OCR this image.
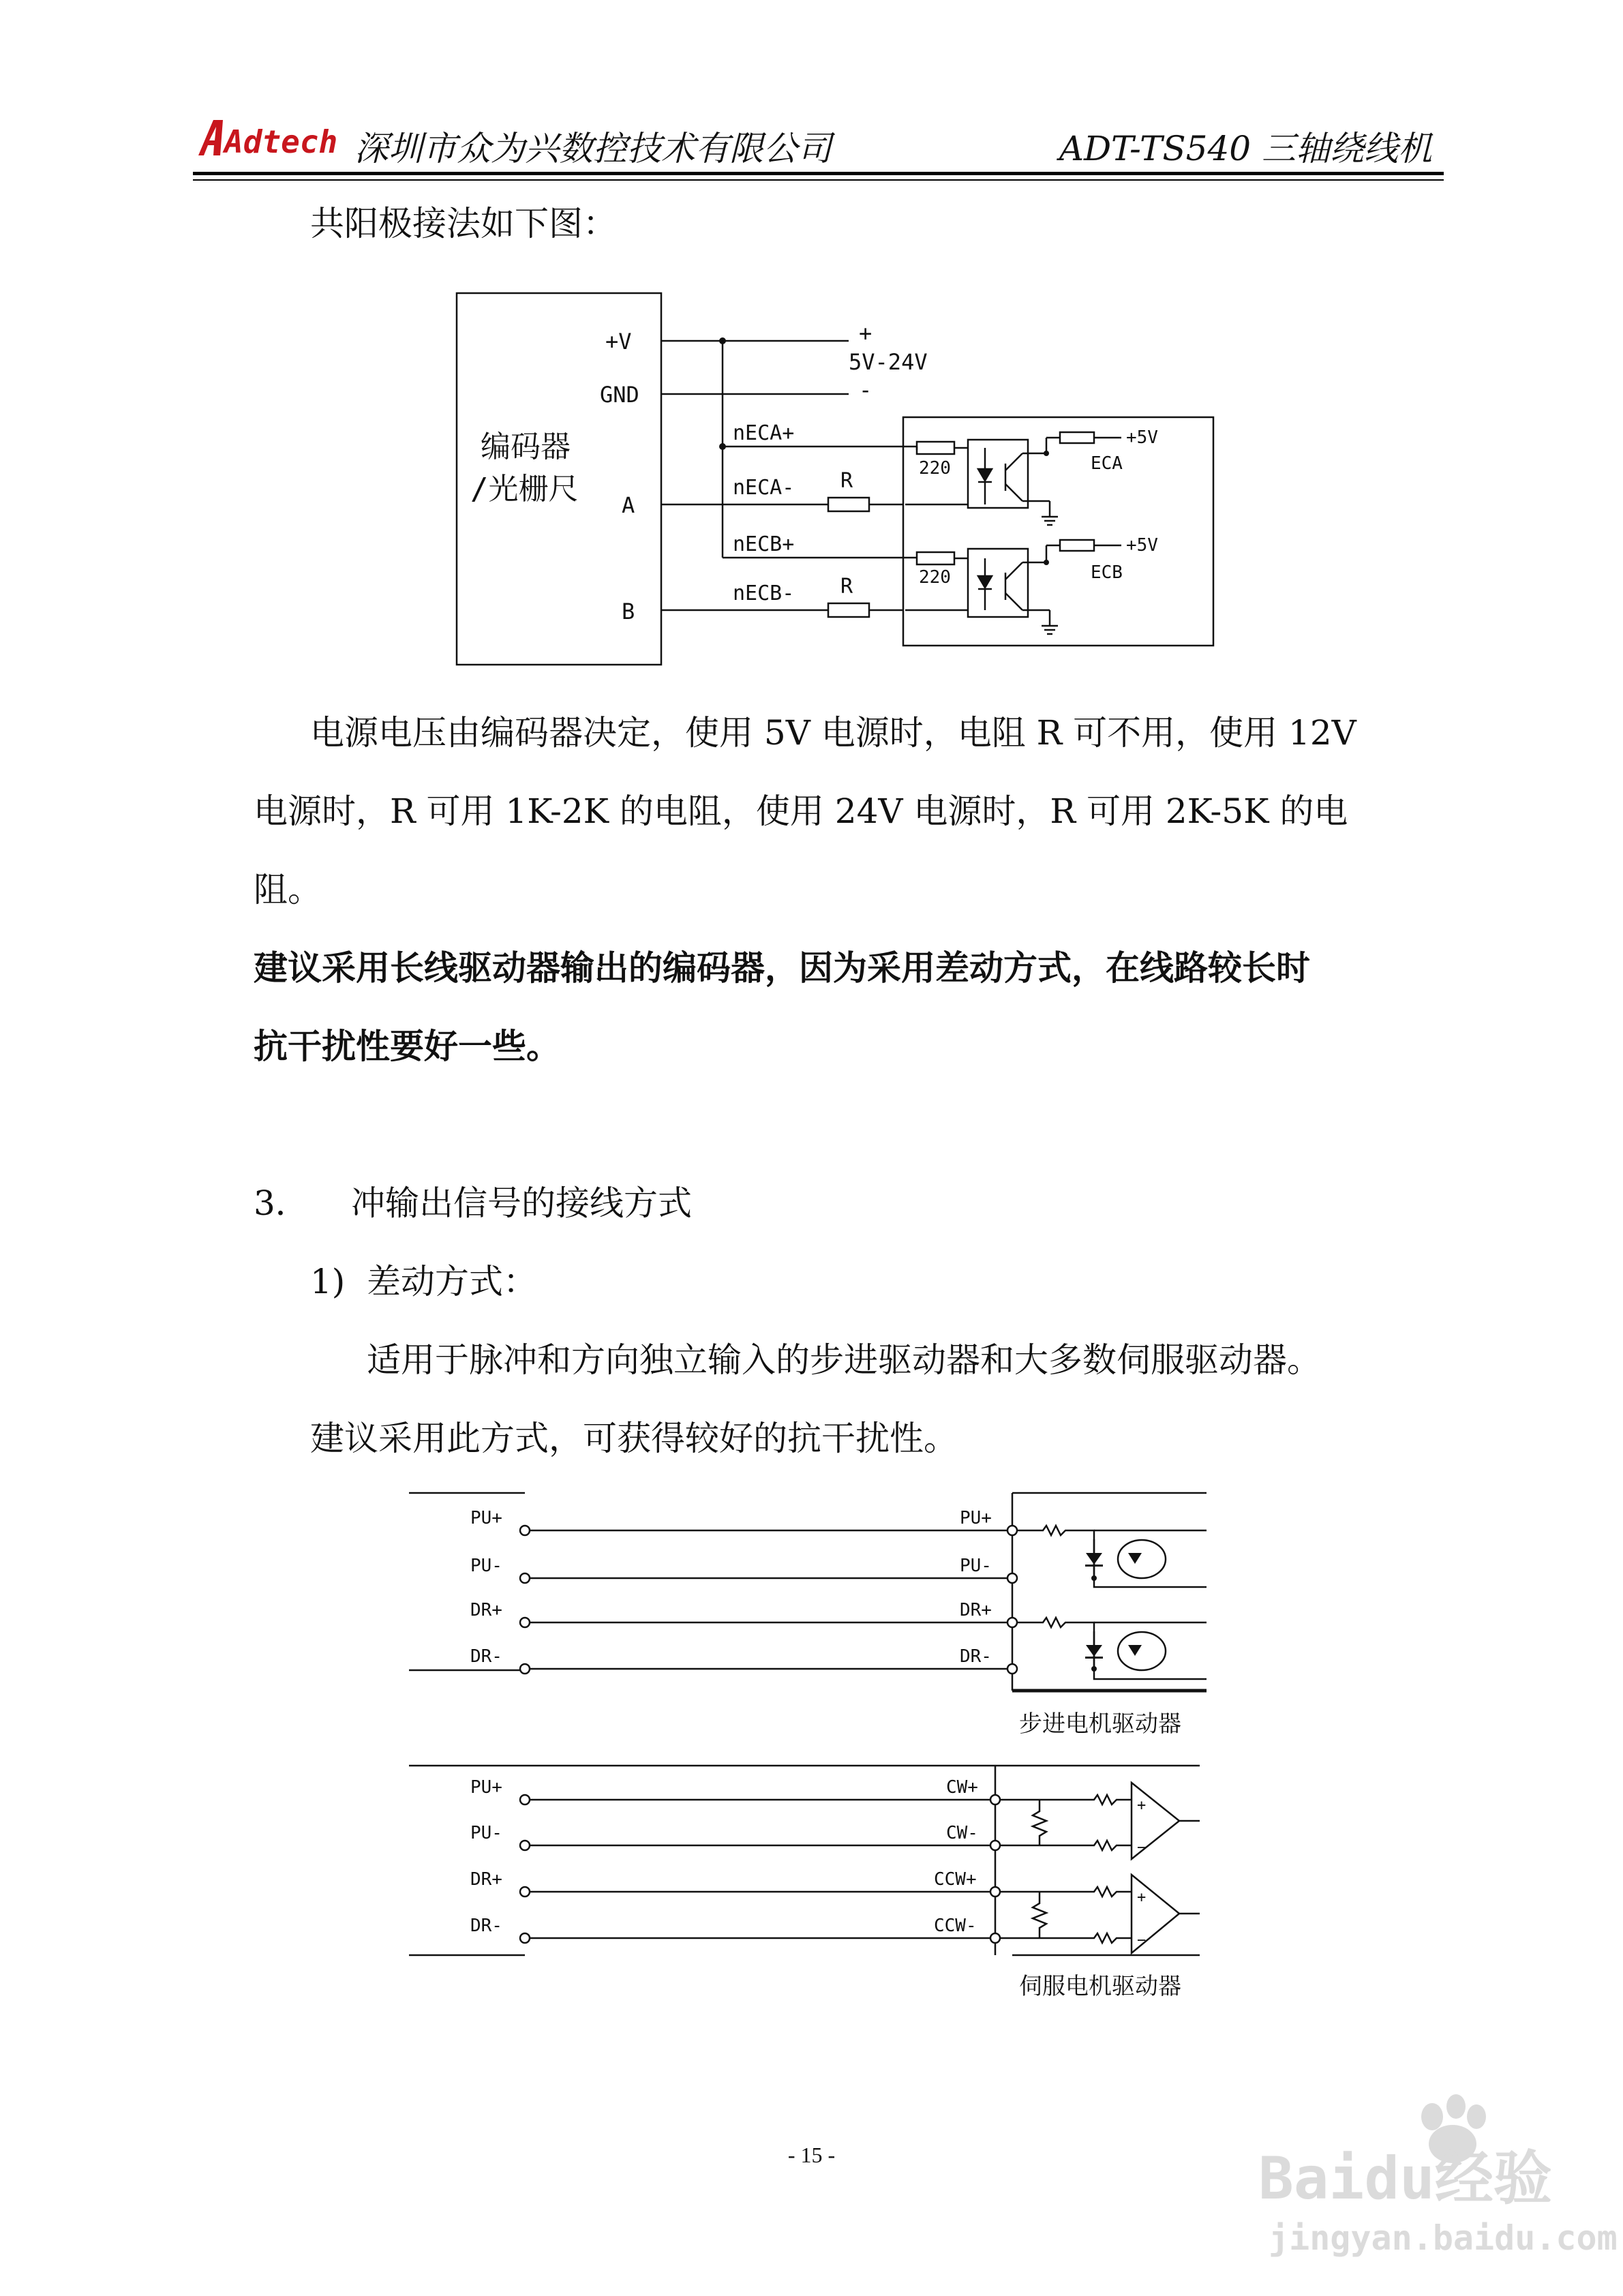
Adtech 深圳市众为兴数控技术有限公司	ADT-TS540 三轴绕线机
共阳极接法如下图：
编码器
/光栅尺
+V
GND
A
B
+
5V-24V
-
nECA+
nECA-
nECB+
nECB-
R
R
220
220
+5V
+5V
ECA
ECB
电源电压由编码器决定，使用 5V 电源时，电阻 R 可不用，使用 12V
电源时，R 可用 1K-2K 的电阻，使用 24V 电源时，R 可用 2K-5K 的电
阻。
建议采用长线驱动器输出的编码器，因为采用差动方式，在线路较长时
抗干扰性要好一些。
3． 冲输出信号的接线方式
1) 差动方式：
适用于脉冲和方向独立输入的步进驱动器和大多数伺服驱动器。
建议采用此方式，可获得较好的抗干扰性。
PU+
PU-
DR+
DR-
PU+
PU-
DR+
DR-
步进电机驱动器
+
−
+
−
PU+
PU-
DR+
DR-
CW+
CW-
CCW+
CCW-
伺服电机驱动器
- 15 -	Baidu经验
jingyan.baidu.com
